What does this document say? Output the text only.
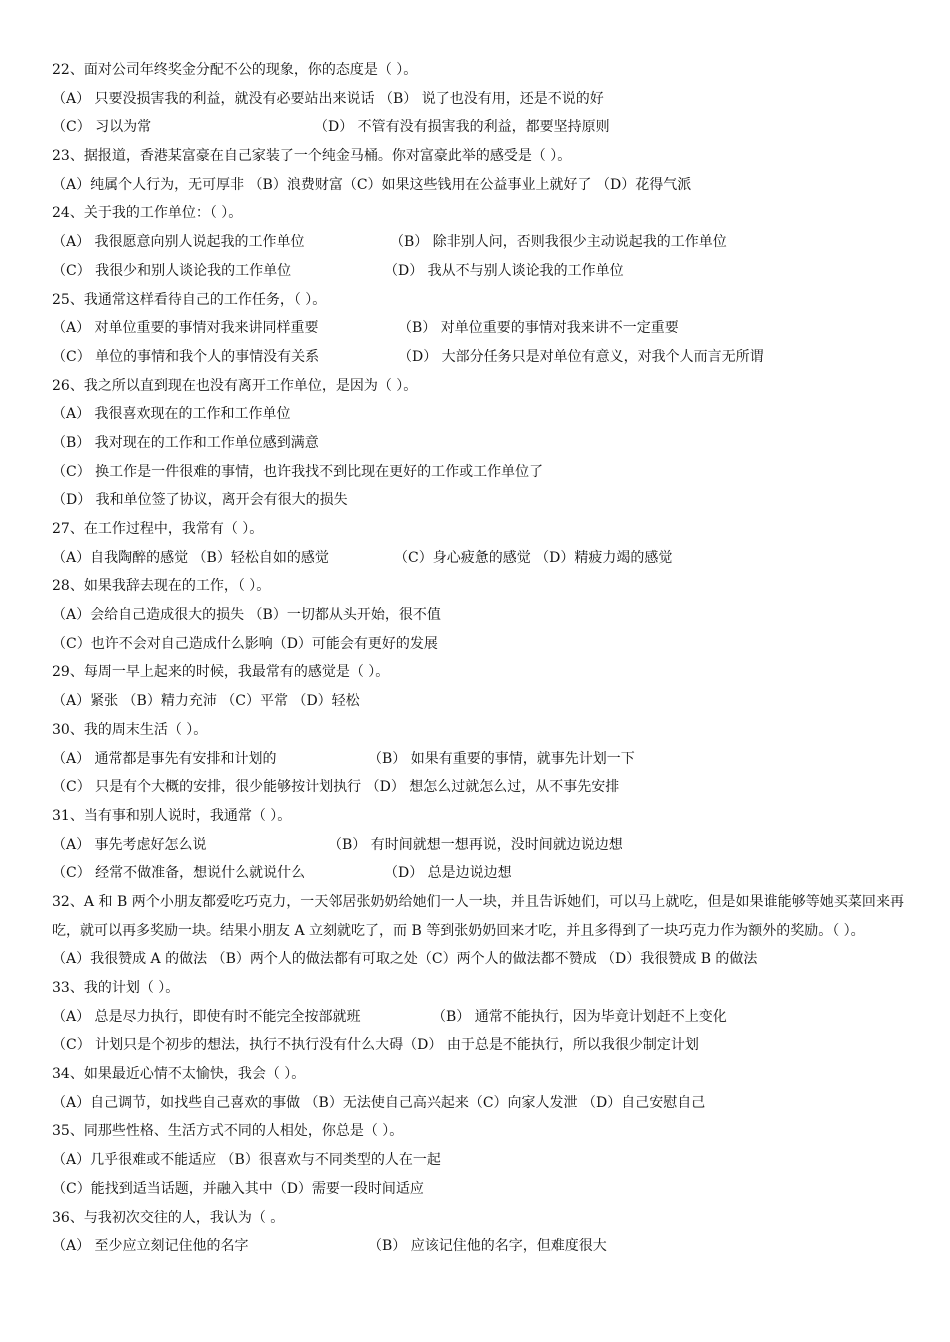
22、面对公司年终奖金分配不公的现象，你的态度是（ ）。
（A） 只要没损害我的利益，就没有必要站出来说话 （B） 说了也没有用，还是不说的好
（C） 习以为常	（D） 不管有没有损害我的利益，都要坚持原则
23、据报道，香港某富豪在自己家装了一个纯金马桶。你对富豪此举的感受是（ ）。
（A）纯属个人行为，无可厚非 （B）浪费财富（C）如果这些钱用在公益事业上就好了 （D）花得气派
24、关于我的工作单位：（ ）。
（A） 我很愿意向别人说起我的工作单位	（B） 除非别人问，否则我很少主动说起我的工作单位
（C） 我很少和别人谈论我的工作单位	（D） 我从不与别人谈论我的工作单位
25、我通常这样看待自己的工作任务，（ ）。
（A） 对单位重要的事情对我来讲同样重要	（B） 对单位重要的事情对我来讲不一定重要
（C） 单位的事情和我个人的事情没有关系	（D） 大部分任务只是对单位有意义，对我个人而言无所谓
26、我之所以直到现在也没有离开工作单位，是因为（ ）。
（A） 我很喜欢现在的工作和工作单位
（B） 我对现在的工作和工作单位感到满意
（C） 换工作是一件很难的事情，也许我找不到比现在更好的工作或工作单位了
（D） 我和单位签了协议，离开会有很大的损失
27、在工作过程中，我常有（ ）。
（A）自我陶醉的感觉 （B）轻松自如的感觉	（C）身心疲惫的感觉 （D）精疲力竭的感觉
28、如果我辞去现在的工作，（ ）。
（A）会给自己造成很大的损失 （B）一切都从头开始，很不值
（C）也许不会对自己造成什么影响（D）可能会有更好的发展
29、每周一早上起来的时候，我最常有的感觉是（ ）。
（A）紧张 （B）精力充沛 （C）平常 （D）轻松
30、我的周末生活（ ）。
（A） 通常都是事先有安排和计划的	（B） 如果有重要的事情，就事先计划一下
（C） 只是有个大概的安排，很少能够按计划执行 （D） 想怎么过就怎么过，从不事先安排
31、当有事和别人说时，我通常（ ）。
（A） 事先考虑好怎么说	（B） 有时间就想一想再说，没时间就边说边想
（C） 经常不做准备，想说什么就说什么	（D） 总是边说边想
32、A 和 B 两个小朋友都爱吃巧克力，一天邻居张奶奶给她们一人一块，并且告诉她们，可以马上就吃，但是如果谁能够等她买菜回来再吃，就可以再多奖励一块。结果小朋友 A 立刻就吃了，而 B 等到张奶奶回来才吃，并且多得到了一块巧克力作为额外的奖励。（ ）。
（A）我很赞成 A 的做法 （B）两个人的做法都有可取之处（C）两个人的做法都不赞成 （D）我很赞成 B 的做法
33、我的计划（ ）。
（A） 总是尽力执行，即使有时不能完全按部就班	（B） 通常不能执行，因为毕竟计划赶不上变化
（C） 计划只是个初步的想法，执行不执行没有什么大碍（D） 由于总是不能执行，所以我很少制定计划
34、如果最近心情不太愉快，我会（ ）。
（A）自己调节，如找些自己喜欢的事做 （B）无法使自己高兴起来（C）向家人发泄 （D）自己安慰自己
35、同那些性格、生活方式不同的人相处，你总是（ ）。
（A）几乎很难或不能适应 （B）很喜欢与不同类型的人在一起
（C）能找到适当话题，并融入其中（D）需要一段时间适应
36、与我初次交往的人，我认为（ 。
（A） 至少应立刻记住他的名字	（B） 应该记住他的名字，但难度很大
